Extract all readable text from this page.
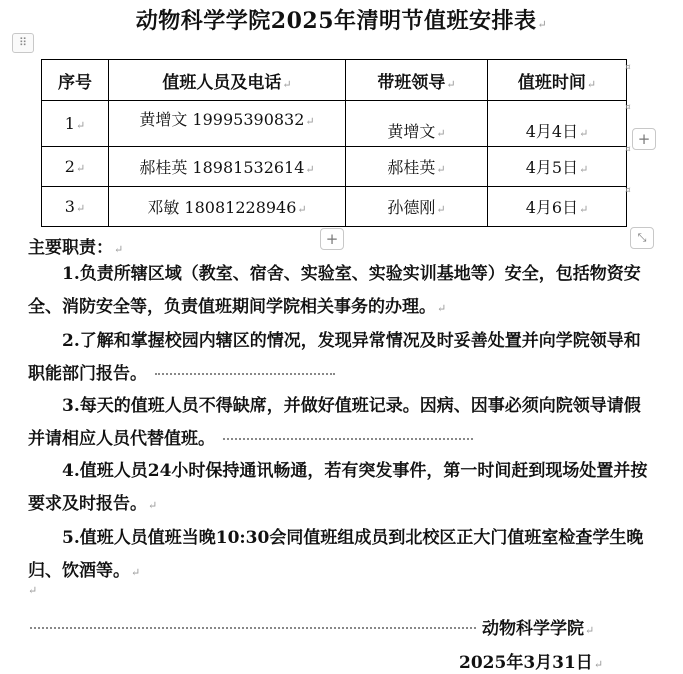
动物科学学院2025年清明节值班安排表↵
⠿
序号	值班人员及电话↵	带班领导↵	值班时间↵
1↵	黄增文 19995390832↵	黄增文↵	4月4日↵
2↵	郝桂英 18981532614↵	郝桂英↵	4月5日↵
3↵	邓敏 18081228946↵	孙德刚↵	4月6日↵
¤
¤
¤
¤
+
+	⤡
主要职责：↵

1.负责所辖区域（教室、宿舍、实验室、实验实训基地等）安全，包括物资安全、消防安全等，负责值班期间学院相关事务的办理。↵

2.了解和掌握校园内辖区的情况，发现异常情况及时妥善处置并向学院领导和职能部门报告。

3.每天的值班人员不得缺席，并做好值班记录。因病、因事必须向院领导请假并请相应人员代替值班。

4.值班人员24小时保持通讯畅通，若有突发事件，第一时间赶到现场处置并按要求及时报告。↵

5.值班人员值班当晚10:30会同值班组成员到北校区正大门值班室检查学生晚归、饮酒等。↵

↵
动物科学学院↵
2025年3月31日↵
